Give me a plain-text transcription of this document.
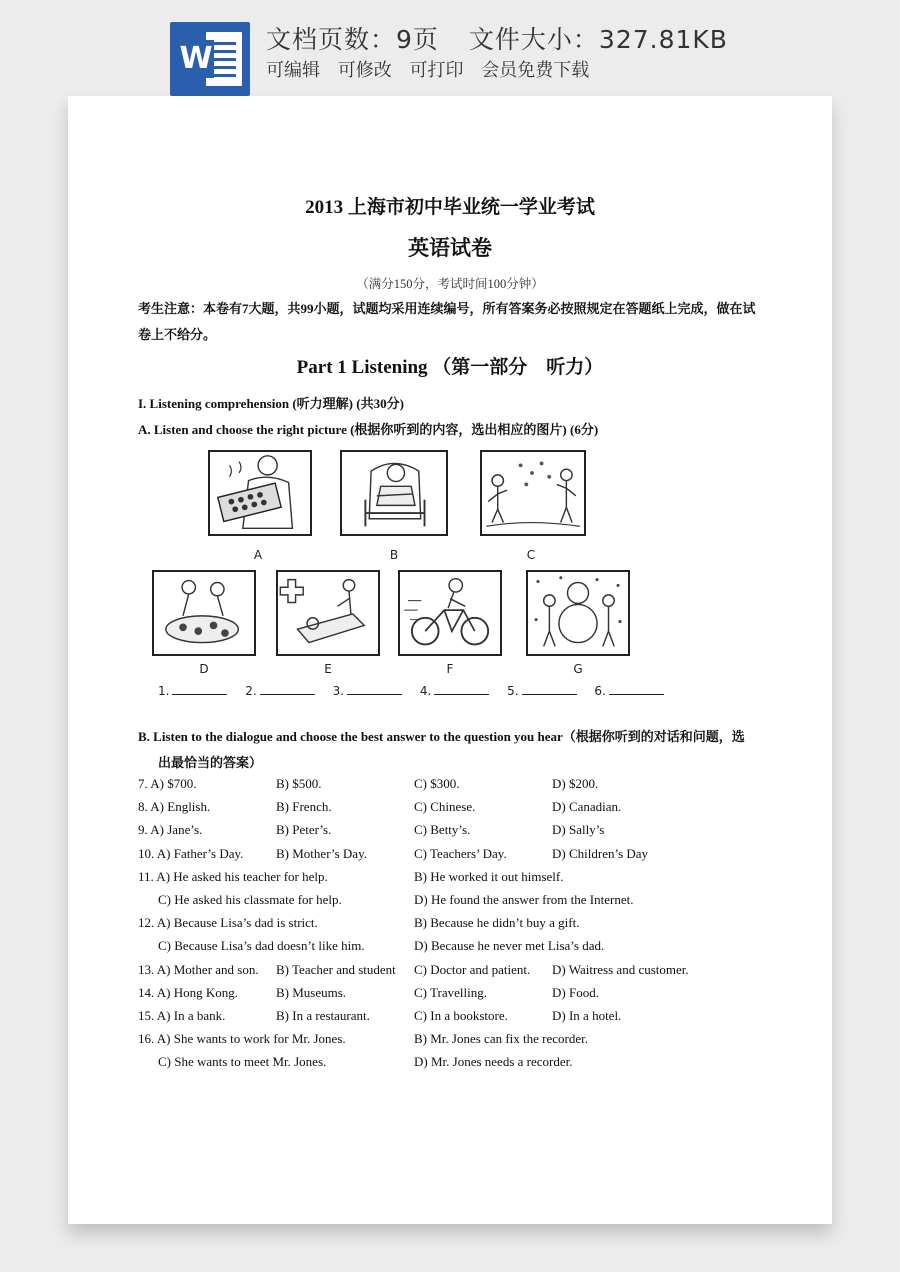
W
文档页数：9页 文件大小：327.81KB
可编辑 可修改 可打印 会员免费下载
2013 上海市初中毕业统一学业考试
英语试卷
（满分150分，考试时间100分钟）
考生注意：本卷有7大题，共99小题，试题均采用连续编号，所有答案务必按照规定在答题纸上完成，做在试卷上不给分。
Part 1 Listening （第一部分　听力）
I. Listening comprehension (听力理解) (共30分)
A. Listen and choose the right picture (根据你听到的内容，选出相应的图片) (6分)
A	B	C
D	E	F	G
1.	2.	3.	4.	5.	6.
B. Listen to the dialogue and choose the best answer to the question you hear（根据你听到的对话和问题，选
出最恰当的答案）
7. A) $700.	B) $500.	C) $300.	D) $200.
8. A) English.	B) French.	C) Chinese.	D) Canadian.
9. A) Jane’s.	B) Peter’s.	C) Betty’s.	D) Sally’s
10. A) Father’s Day.	B) Mother’s Day.	C) Teachers’ Day.	D) Children’s Day
11. A) He asked his teacher for help.	B) He worked it out himself.
C) He asked his classmate for help.	D) He found the answer from the Internet.
12. A) Because Lisa’s dad is strict.	B) Because he didn’t buy a gift.
C) Because Lisa’s dad doesn’t like him.	D) Because he never met Lisa’s dad.
13. A) Mother and son. B) Teacher and student C) Doctor and patient. D) Waitress and customer.
14. A) Hong Kong.	B) Museums.	C) Travelling.	D) Food.
15. A) In a bank.	B) In a restaurant.	C) In a bookstore.	D) In a hotel.
16. A) She wants to work for Mr. Jones.	B) Mr. Jones can fix the recorder.
C) She wants to meet Mr. Jones.	D) Mr. Jones needs a recorder.
